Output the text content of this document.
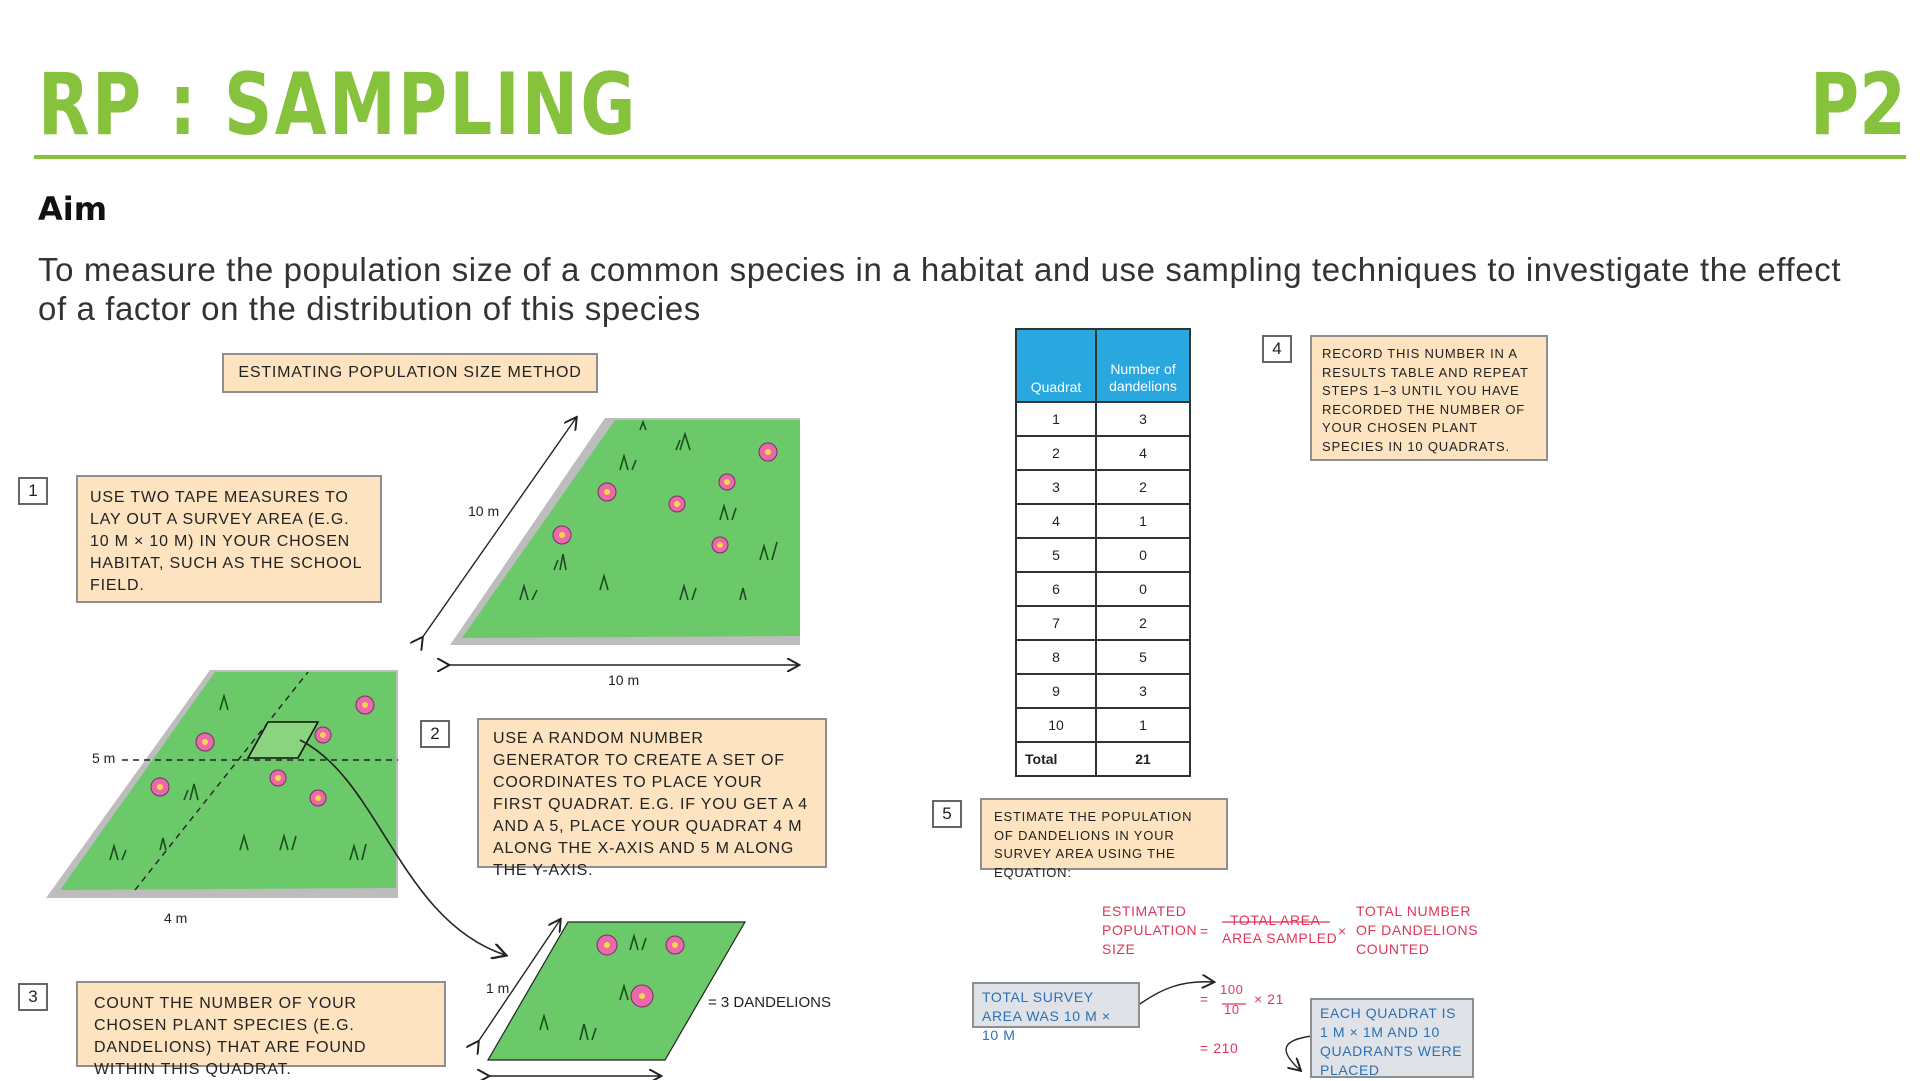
RP : SAMPLING	P2
Aim
To measure the population size of a common species in a habitat and use sampling techniques to investigate the effect of a factor on the distribution of this species
ESTIMATING POPULATION SIZE METHOD
1	USE TWO TAPE MEASURES TO LAY OUT A SURVEY AREA (E.G. 10 M × 10 M) IN YOUR CHOSEN HABITAT, SUCH AS THE SCHOOL FIELD.
2	USE A RANDOM NUMBER GENERATOR TO CREATE A SET OF COORDINATES TO PLACE YOUR FIRST QUADRAT. E.G. IF YOU GET A 4 AND A 5, PLACE YOUR QUADRAT 4 M ALONG THE X-AXIS AND 5 M ALONG THE Y-AXIS.
3	COUNT THE NUMBER OF YOUR CHOSEN PLANT SPECIES (E.G. DANDELIONS) THAT ARE FOUND WITHIN THIS QUADRAT.
4	RECORD THIS NUMBER IN A RESULTS TABLE AND REPEAT STEPS 1–3 UNTIL YOU HAVE RECORDED THE NUMBER OF YOUR CHOSEN PLANT SPECIES IN 10 QUADRATS.
5	ESTIMATE THE POPULATION OF DANDELIONS IN YOUR SURVEY AREA USING THE EQUATION:
10 m
10 m
5 m
4 m
1 m
= 3 DANDELIONS
Quadrat	Number of dandelions
1	3
2	4
3	2
4	1
5	0
6	0
7	2
8	5
9	3
10	1
Total	21
ESTIMATED POPULATION SIZE
=
TOTAL AREA
AREA SAMPLED ×
TOTAL NUMBER OF DANDELIONS COUNTED
100
=
10
× 21
= 210
TOTAL SURVEY AREA WAS 10 M × 10 M
EACH QUADRAT IS 1 M × 1M AND 10 QUADRANTS WERE PLACED
